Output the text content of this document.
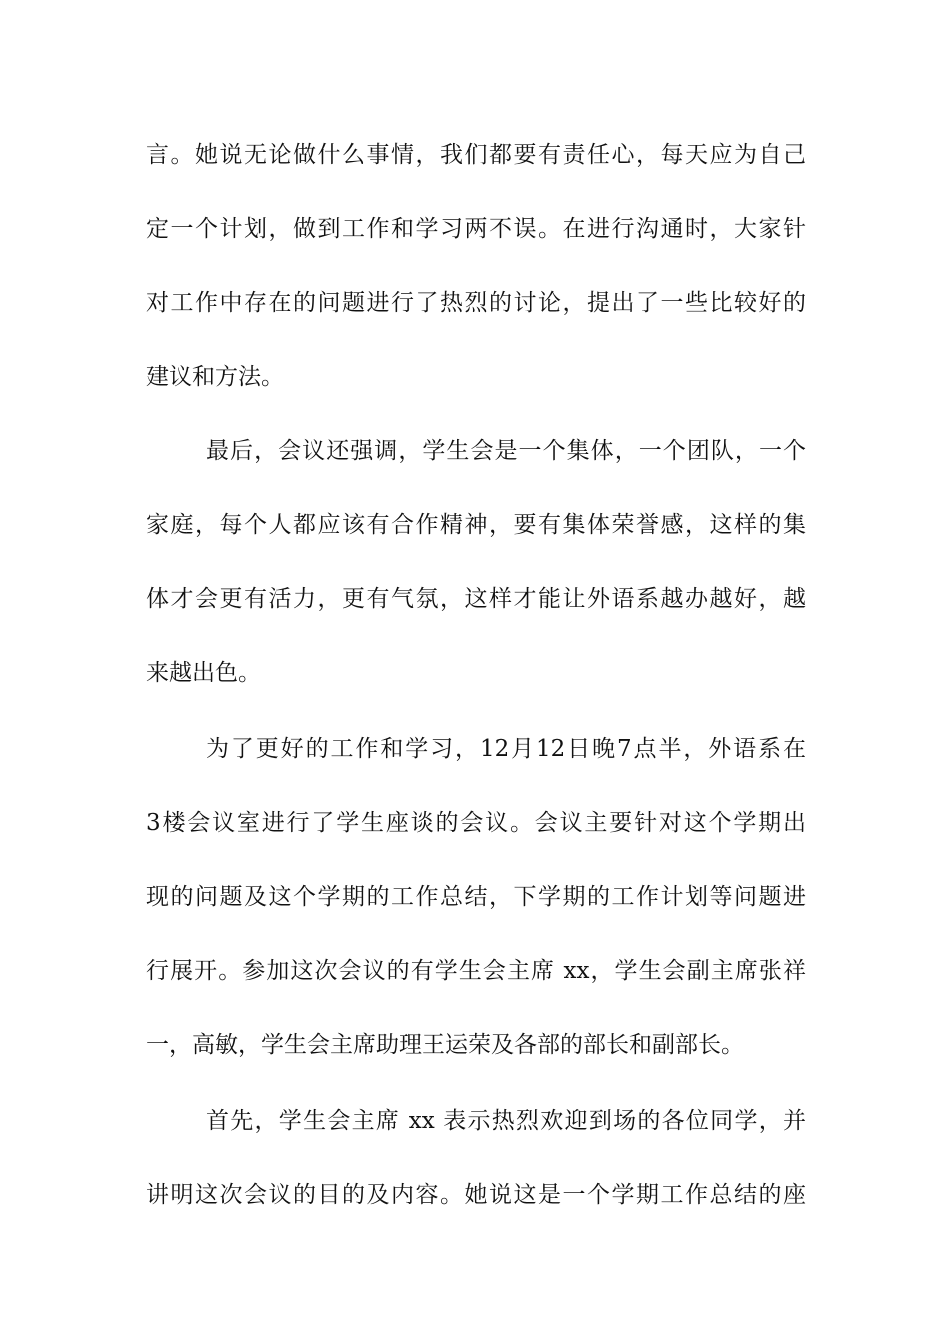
言。她说无论做什么事情，我们都要有责任心，每天应为自己
定一个计划，做到工作和学习两不误。在进行沟通时，大家针
对工作中存在的问题进行了热烈的讨论，提出了一些比较好的
建议和方法。
最后，会议还强调，学生会是一个集体，一个团队，一个
家庭，每个人都应该有合作精神，要有集体荣誉感，这样的集
体才会更有活力，更有气氛，这样才能让外语系越办越好，越
来越出色。
为了更好的工作和学习，12月12日晚7点半，外语系在
3楼会议室进行了学生座谈的会议。会议主要针对这个学期出
现的问题及这个学期的工作总结，下学期的工作计划等问题进
行展开。参加这次会议的有学生会主席 xx，学生会副主席张祥
一，高敏，学生会主席助理王运荣及各部的部长和副部长。
首先，学生会主席 xx 表示热烈欢迎到场的各位同学，并
讲明这次会议的目的及内容。她说这是一个学期工作总结的座
